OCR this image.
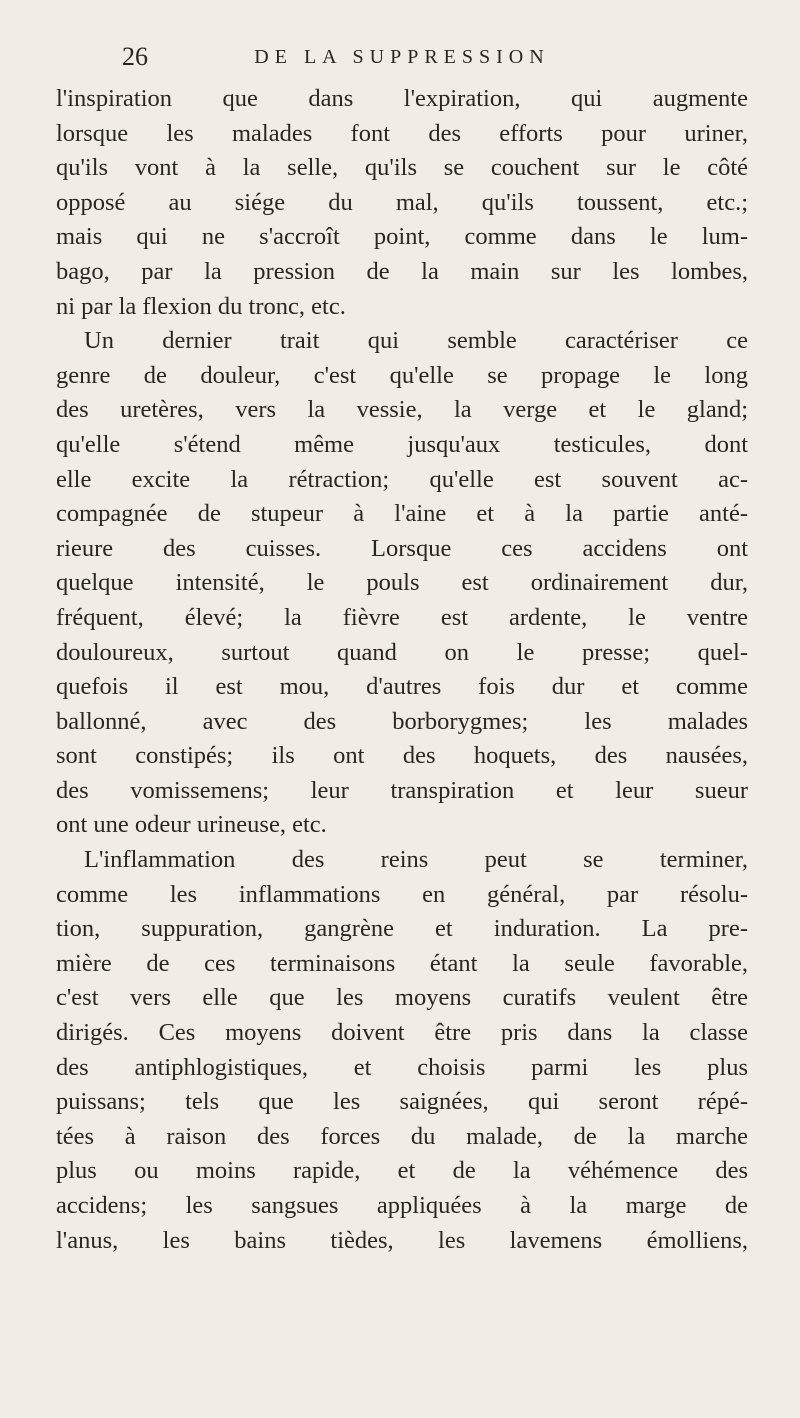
26	DE LA SUPPRESSION
l'inspiration que dans l'expiration, qui augmente
lorsque les malades font des efforts pour uriner,
qu'ils vont à la selle, qu'ils se couchent sur le côté
opposé au siége du mal, qu'ils toussent, etc.;
mais qui ne s'accroît point, comme dans le lum-
bago, par la pression de la main sur les lombes,
ni par la flexion du tronc, etc.
Un dernier trait qui semble caractériser ce
genre de douleur, c'est qu'elle se propage le long
des uretères, vers la vessie, la verge et le gland;
qu'elle s'étend même jusqu'aux testicules, dont
elle excite la rétraction; qu'elle est souvent ac-
compagnée de stupeur à l'aine et à la partie anté-
rieure des cuisses. Lorsque ces accidens ont
quelque intensité, le pouls est ordinairement dur,
fréquent, élevé; la fièvre est ardente, le ventre
douloureux, surtout quand on le presse; quel-
quefois il est mou, d'autres fois dur et comme
ballonné, avec des borborygmes; les malades
sont constipés; ils ont des hoquets, des nausées,
des vomissemens; leur transpiration et leur sueur
ont une odeur urineuse, etc.
L'inflammation des reins peut se terminer,
comme les inflammations en général, par résolu-
tion, suppuration, gangrène et induration. La pre-
mière de ces terminaisons étant la seule favorable,
c'est vers elle que les moyens curatifs veulent être
dirigés. Ces moyens doivent être pris dans la classe
des antiphlogistiques, et choisis parmi les plus
puissans; tels que les saignées, qui seront répé-
tées à raison des forces du malade, de la marche
plus ou moins rapide, et de la véhémence des
accidens; les sangsues appliquées à la marge de
l'anus, les bains tièdes, les lavemens émolliens,
